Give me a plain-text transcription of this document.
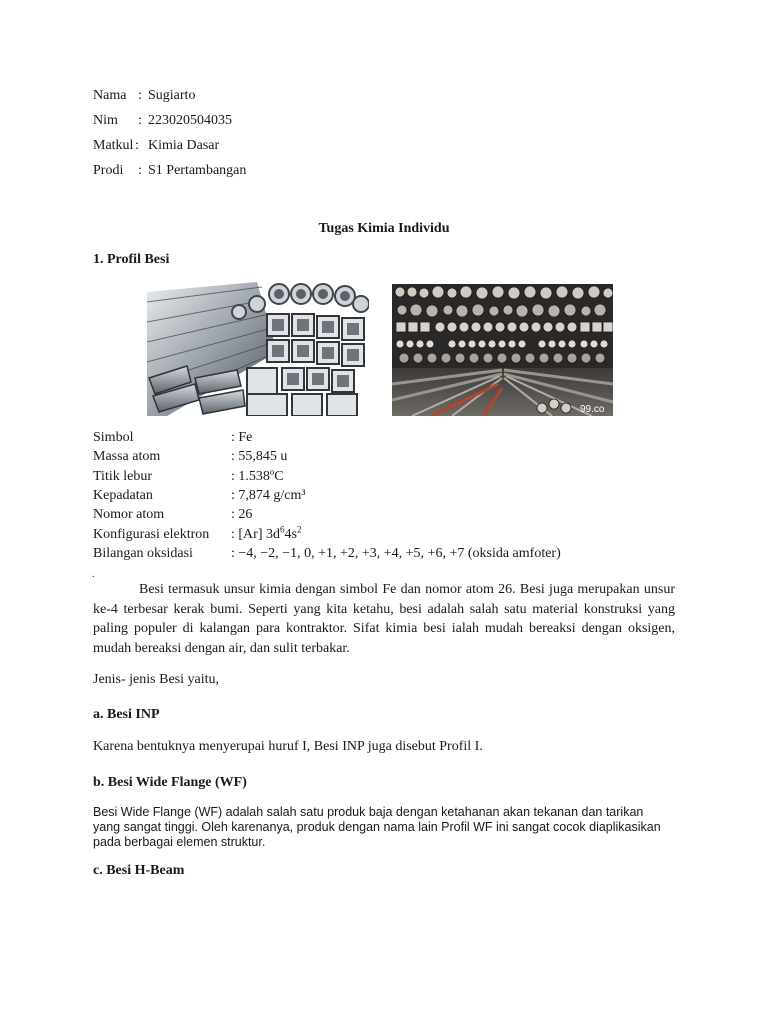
Nama : Sugiarto
Nim : 223020504035
Matkul : Kimia Dasar
Prodi : S1 Pertambangan
Tugas Kimia Individu
1. Profil Besi
99.co
Simbol	: Fe
Massa atom	: 55,845 u
Titik lebur	: 1.538ºC
Kepadatan	: 7,874 g/cm³
Nomor atom	: 26
Konfigurasi elektron : [Ar] $3d^64s^2$
Bilangan oksidasi	: −4, −2, −1, 0, +1, +2, +3, +4, +5, +6, +7 (oksida amfoter)
.
Besi termasuk unsur kimia dengan simbol Fe dan nomor atom 26. Besi juga merupakan unsur ke-4 terbesar kerak bumi. Seperti yang kita ketahu, besi adalah salah satu material konstruksi yang paling populer di kalangan para kontraktor. Sifat kimia besi ialah mudah bereaksi dengan oksigen, mudah bereaksi dengan air, dan sulit terbakar.
Jenis- jenis Besi yaitu,
a. Besi INP
Karena bentuknya menyerupai huruf I, Besi INP juga disebut Profil I.
b. Besi Wide Flange (WF)
Besi Wide Flange (WF) adalah salah satu produk baja dengan ketahanan akan tekanan dan tarikan yang sangat tinggi. Oleh karenanya, produk dengan nama lain Profil WF ini sangat cocok diaplikasikan pada berbagai elemen struktur.
c. Besi H-Beam
